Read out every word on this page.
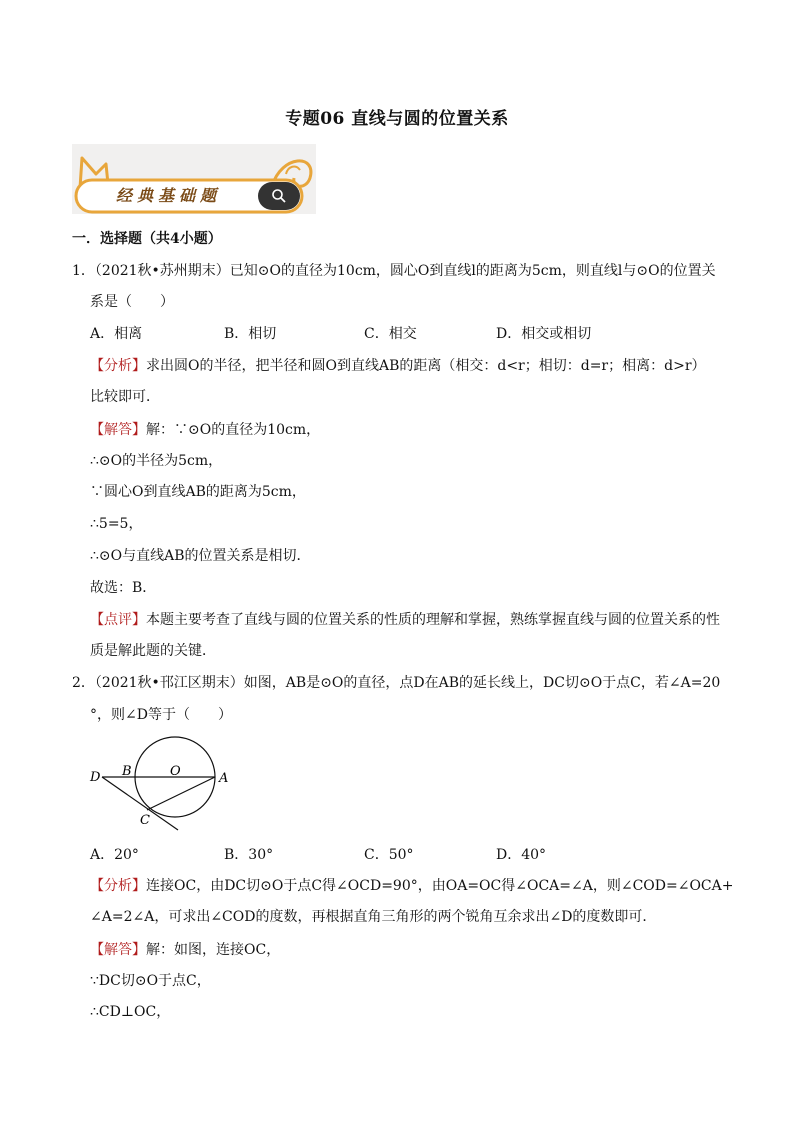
专题06 直线与圆的位置关系
经典基础题
一．选择题（共4小题）
1．（2021秋•苏州期末）已知⊙O的直径为10cm，圆心O到直线l的距离为5cm，则直线l与⊙O的位置关
系是（　　）
A．相离	B．相切	C．相交	D．相交或相切
【分析】求出圆O的半径，把半径和圆O到直线AB的距离（相交：d<r；相切：d=r；相离：d>r）
比较即可．
【解答】解：∵⊙O的直径为10cm，
∴⊙O的半径为5cm，
∵圆心O到直线AB的距离为5cm，
∴5=5，
∴⊙O与直线AB的位置关系是相切．
故选：B．
【点评】本题主要考查了直线与圆的位置关系的性质的理解和掌握，熟练掌握直线与圆的位置关系的性
质是解此题的关键．
2．（2021秋•邗江区期末）如图，AB是⊙O的直径，点D在AB的延长线上，DC切⊙O于点C，若∠A=20
°，则∠D等于（　　）
D B	O	A
C
A．20°	B．30°	C．50°	D．40°
【分析】连接OC，由DC切⊙O于点C得∠OCD=90°，由OA=OC得∠OCA=∠A，则∠COD=∠OCA+
∠A=2∠A，可求出∠COD的度数，再根据直角三角形的两个锐角互余求出∠D的度数即可．
【解答】解：如图，连接OC，
∵DC切⊙O于点C，
∴CD⊥OC，
